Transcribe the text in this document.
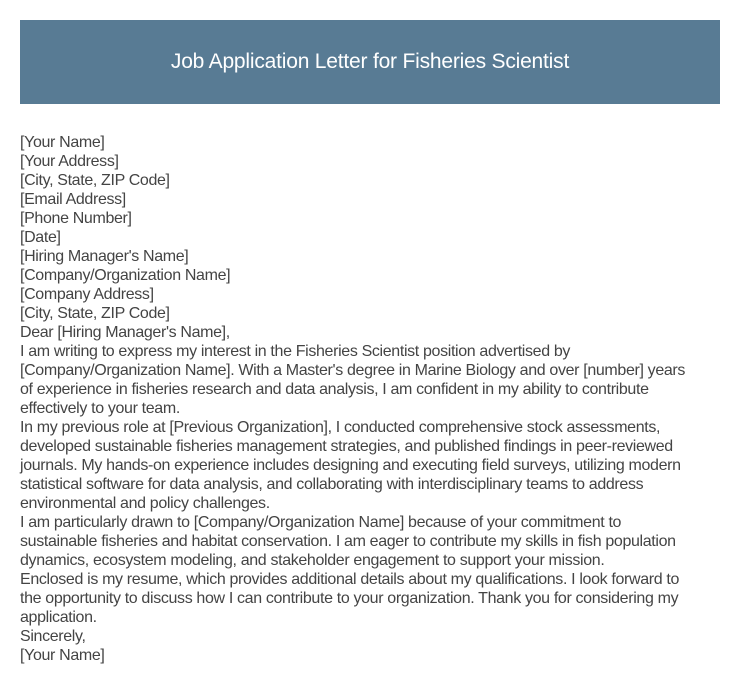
Job Application Letter for Fisheries Scientist
[Your Name]
[Your Address]
[City, State, ZIP Code]
[Email Address]
[Phone Number]
[Date]
[Hiring Manager's Name]
[Company/Organization Name]
[Company Address]
[City, State, ZIP Code]
Dear [Hiring Manager's Name],
I am writing to express my interest in the Fisheries Scientist position advertised by
[Company/Organization Name]. With a Master's degree in Marine Biology and over [number] years
of experience in fisheries research and data analysis, I am confident in my ability to contribute
effectively to your team.
In my previous role at [Previous Organization], I conducted comprehensive stock assessments,
developed sustainable fisheries management strategies, and published findings in peer-reviewed
journals. My hands-on experience includes designing and executing field surveys, utilizing modern
statistical software for data analysis, and collaborating with interdisciplinary teams to address
environmental and policy challenges.
I am particularly drawn to [Company/Organization Name] because of your commitment to
sustainable fisheries and habitat conservation. I am eager to contribute my skills in fish population
dynamics, ecosystem modeling, and stakeholder engagement to support your mission.
Enclosed is my resume, which provides additional details about my qualifications. I look forward to
the opportunity to discuss how I can contribute to your organization. Thank you for considering my
application.
Sincerely,
[Your Name]
